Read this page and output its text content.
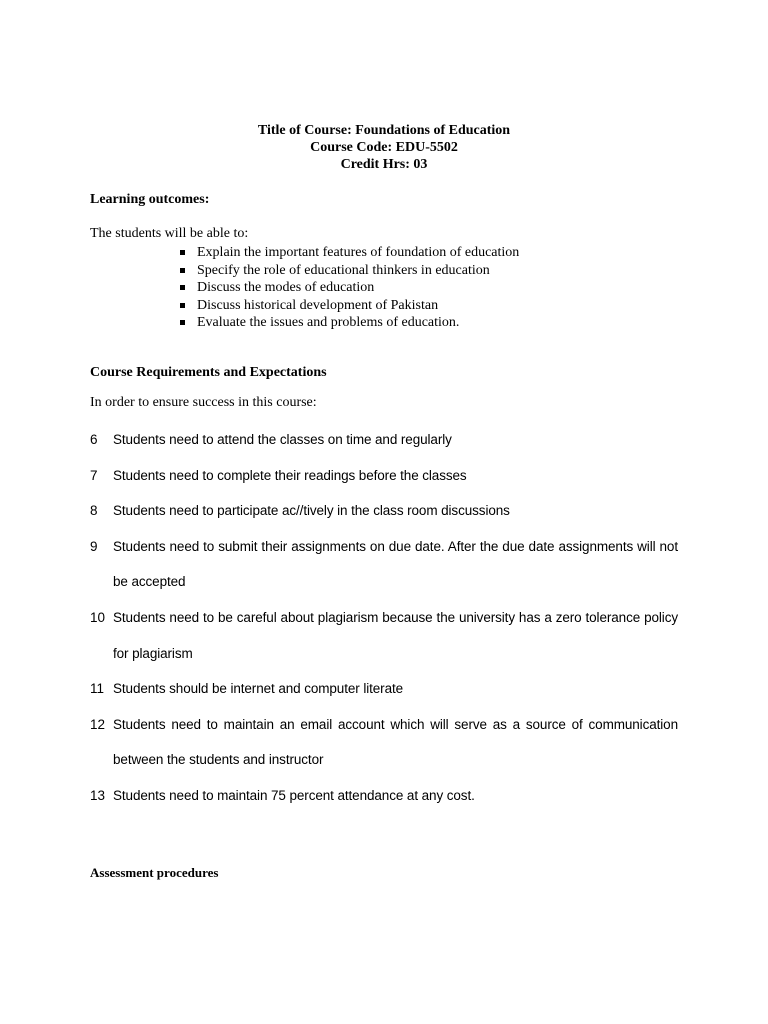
Title of Course: Foundations of Education
Course Code: EDU-5502
Credit Hrs: 03
Learning outcomes:
The students will be able to:
Explain the important features of foundation of education
Specify the role of educational thinkers in education
Discuss the modes of education
Discuss historical development of Pakistan
Evaluate the issues and problems of education.
Course Requirements and Expectations
In order to ensure success in this course:
6 Students need to attend the classes on time and regularly
7 Students need to complete their readings before the classes
8 Students need to participate ac//tively in the class room discussions
9 Students need to submit their assignments on due date. After the due date assignments will not be accepted
10 Students need to be careful about plagiarism because the university has a zero tolerance policy for plagiarism
11 Students should be internet and computer literate
12 Students need to maintain an email account which will serve as a source of communication between the students and instructor
13 Students need to maintain 75 percent attendance at any cost.
Assessment procedures
